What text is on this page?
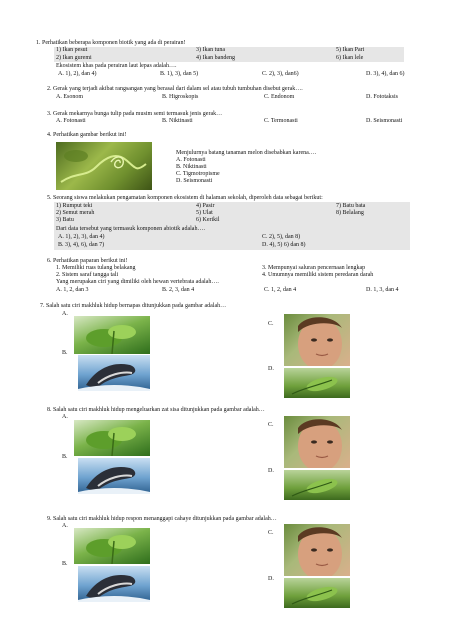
1. Perhatikan beberapa komponen biotik yang ada di perairan!
1) Ikan pesut	3) Ikan tuna	5) Ikan Pari
2) Ikan guremi	4) Ikan bandeng	6) Ikan lele
Ekosistem khas pada perairan laut lepas adalah….
A. 1), 2), dan 4)	B. 1), 3), dan 5)	C. 2), 3), dan6)	D. 3), 4), dan 6)
2. Gerak yang terjadi akibat rangsangan yang berasal dari dalam sel atau tubuh tumbuhan disebut gerak….
A. Esonom	B. Higroskopis	C. Endonom	D. Fototaksis
3. Gerak mekarnya bunga tulip pada musim semi termasuk jenis gerak…
A. Fotonasti	B. Niktinasti	C. Termonasti	D. Seismonasti
4. Perhatikan gambar berikut ini!
Menjulurnya batang tanaman melon disebabkan karena….
A. Fotonasti
B. Niktinasti
C. Tigmotropisme
D. Seismonasti
5. Seorang siswa melakukan pengamatan komponen ekosistem di halaman sekolah, diperoleh data sebagai berikut:
1) Rumput teki	4) Pasir	7) Batu bata
2) Semut merah	5) Ulat	8) Belalang
3) Batu	6) Kerikil
Dari data tersebut yang termasuk komponen abiotik adalah….
A. 1), 2), 3), dan 4)	C. 2), 5), dan 8)
B. 3), 4), 6), dan 7)	D. 4), 5) 6) dan 8)
6. Perhatikan paparan berikut ini!
1. Memiliki ruas tulang belakang	3. Mempunyai saluran pencernaan lengkap
2. Sistem saraf tangga tali	4. Umumnya memiliki sistem peredaran darah
Yang merupakan ciri yang dimiliki oleh hewan vertebrata adalah….
A. 1, 2, dan 3	B. 2, 3, dan 4	C. 1, 2, dan 4	D. 1, 3, dan 4
7. Salah satu ciri makhluk hidup bernapas ditunjukkan pada gambar adalah…
A.
B.
C.
D.
8. Salah satu ciri makhluk hidup mengeluarkan zat sisa ditunjukkan pada gambar adalah…
A.
B.
C.
D.
9. Salah satu ciri makhluk hidup respon menanggapi cahaye ditunjukkan pada gambar adalah…
A.
B.
C.
D.
